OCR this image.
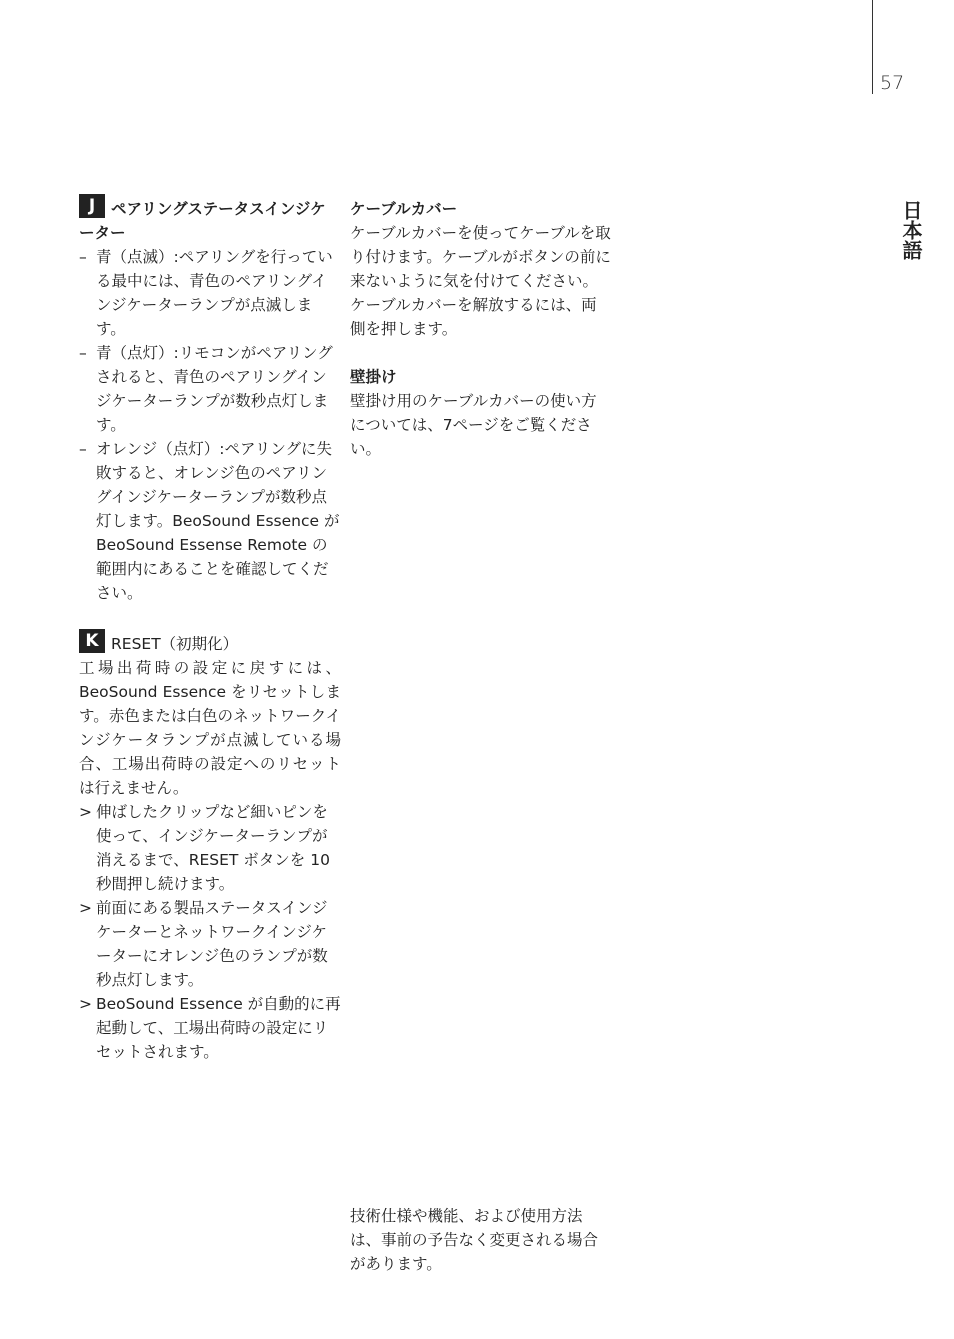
57
日本語
J	ペアリングステータスインジケ
ーター
– 青（点滅）:ペアリングを行っている最中には、青色のペアリングインジケーターランプが点滅します。
– 青（点灯）:リモコンがペアリングされると、青色のペアリングインジケーターランプが数秒点灯します。
– オレンジ（点灯）:ペアリングに失敗すると、オレンジ色のペアリングインジケーターランプが数秒点灯します。BeoSound Essence が BeoSound Essense Remote の範囲内にあることを確認してください。
K RESET（初期化）

工場出荷時の設定に戻すには、BeoSound Essence をリセットします。赤色または白色のネットワークインジケータランプが点滅している場合、工場出荷時の設定へのリセットは行えません。

> 伸ばしたクリップなど細いピンを使って、インジケーターランプが消えるまで、RESET ボタンを 10 秒間押し続けます。
> 前面にある製品ステータスインジケーターとネットワークインジケーターにオレンジ色のランプが数秒点灯します。
> BeoSound Essence が自動的に再起動して、工場出荷時の設定にリセットされます。
ケーブルカバー

ケーブルカバーを使ってケーブルを取り付けます。ケーブルがボタンの前に来ないように気を付けてください。ケーブルカバーを解放するには、両側を押します。

壁掛け

壁掛け用のケーブルカバーの使い方については、7ページをご覧ください。

技術仕様や機能、および使用方法は、事前の予告なく変更される場合があります。
